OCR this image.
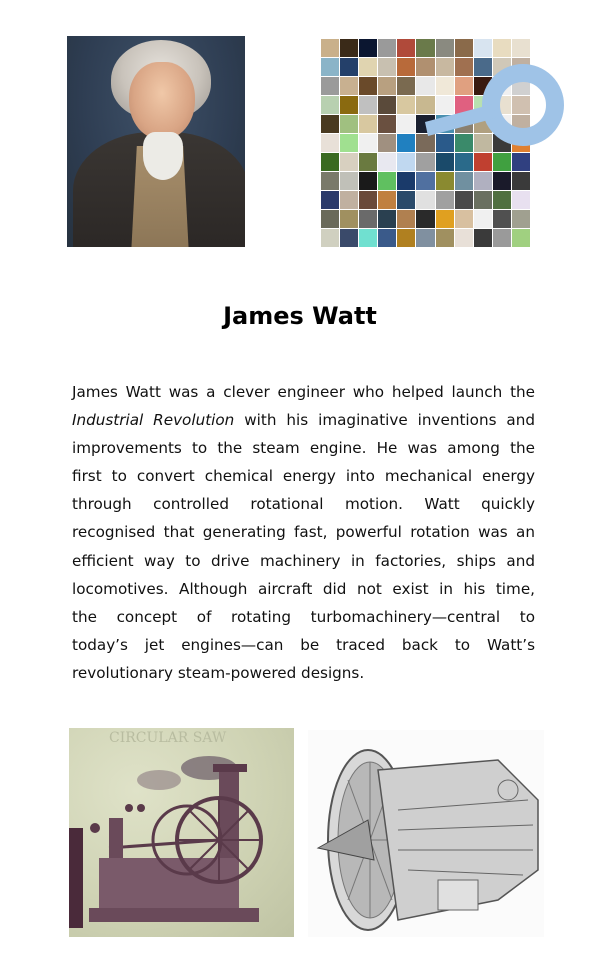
James Watt
James Watt was a clever engineer who helped launch the
Industrial Revolution with his imaginative inventions and
improvements to the steam engine. He was among the
first to convert chemical energy into mechanical energy
through controlled rotational motion. Watt quickly
recognised that generating fast, powerful rotation was an
efficient way to drive machinery in factories, ships and
locomotives. Although aircraft did not exist in his time,
the concept of rotating turbomachinery—central to
today’s jet engines—can be traced back to Watt’s
revolutionary steam-powered designs.
CIRCULAR SAW
